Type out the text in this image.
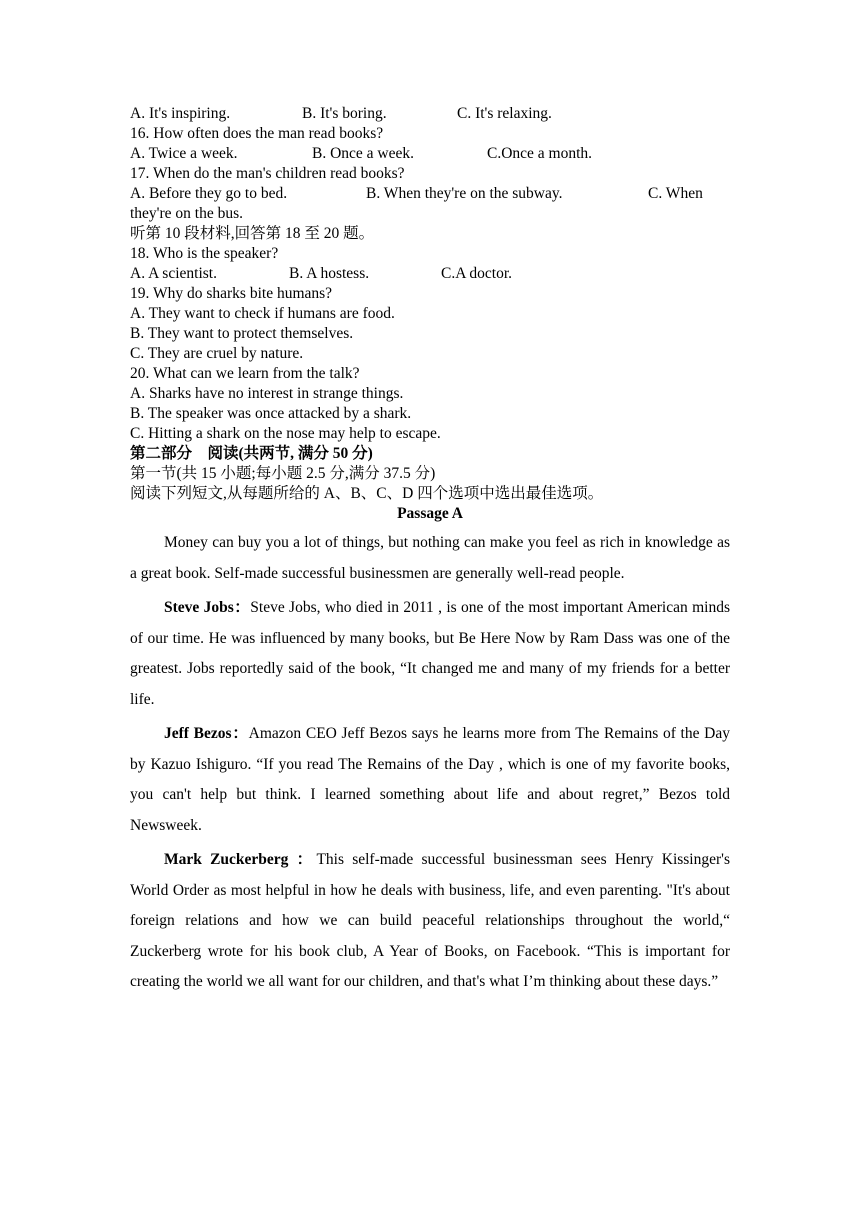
A. It's inspiring.	B. It's boring.	C. It's relaxing.
16. How often does the man read books?
A. Twice a week.	B. Once a week.	C.Once a month.
17. When do the man's children read books?
A. Before they go to bed.	B. When they're on the subway.	C. When
they're on the bus.
听第 10 段材料,回答第 18 至 20 题。
18. Who is the speaker?
A. A scientist.	B. A hostess.	C.A doctor.
19. Why do sharks bite humans?
A. They want to check if humans are food.
B. They want to protect themselves.
C. They are cruel by nature.
20. What can we learn from the talk?
A. Sharks have no interest in strange things.
B. The speaker was once attacked by a shark.
C. Hitting a shark on the nose may help to escape.
第二部分　阅读(共两节, 满分 50 分)
第一节(共 15 小题;每小题 2.5 分,满分 37.5 分)
阅读下列短文,从每题所给的 A、B、C、D 四个选项中选出最佳选项。
Passage A
Money can buy you a lot of things, but nothing can make you feel as rich in knowledge as a great book. Self-made successful businessmen are generally well-read people.
Steve Jobs：Steve Jobs, who died in 2011 , is one of the most important American minds of our time. He was influenced by many books, but Be Here Now by Ram Dass was one of the greatest. Jobs reportedly said of the book, “It changed me and many of my friends for a better life.
Jeff Bezos：Amazon CEO Jeff Bezos says he learns more from The Remains of the Day by Kazuo Ishiguro. “If you read The Remains of the Day , which is one of my favorite books, you can't help but think. I learned something about life and about regret,” Bezos told Newsweek.
Mark Zuckerberg ：This self-made successful businessman sees Henry Kissinger's World Order as most helpful in how he deals with business, life, and even parenting. "It's about foreign relations and how we can build peaceful relationships throughout the world,“ Zuckerberg wrote for his book club, A Year of Books, on Facebook. “This is important for creating the world we all want for our children, and that's what I’m thinking about these days.”
